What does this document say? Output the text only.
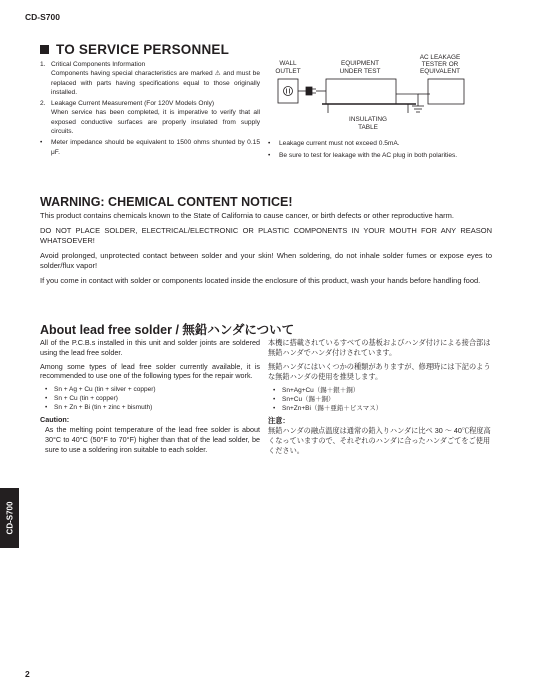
CD-S700
TO SERVICE PERSONNEL
1. Critical Components Information
Components having special characteristics are marked ⚠ and must be replaced with parts having specifications equal to those originally installed.
2. Leakage Current Measurement (For 120V Models Only)
When service has been completed, it is imperative to verify that all exposed conductive surfaces are properly insulated from supply circuits.
•	Meter impedance should be equivalent to 1500 ohms shunted by 0.15 μF.
WALL
OUTLET
EQUIPMENT
UNDER TEST
AC LEAKAGE
TESTER OR
EQUIVALENT
INSULATING
TABLE
•	Leakage current must not exceed 0.5mA.
•	Be sure to test for leakage with the AC plug in both polarities.
WARNING: CHEMICAL CONTENT NOTICE!

This product contains chemicals known to the State of California to cause cancer, or birth defects or other reproductive harm.

DO NOT PLACE SOLDER, ELECTRICAL/ELECTRONIC OR PLASTIC COMPONENTS IN YOUR MOUTH FOR ANY REASON WHATSOEVER!

Avoid prolonged, unprotected contact between solder and your skin! When soldering, do not inhale solder fumes or expose eyes to solder/flux vapor!

If you come in contact with solder or components located inside the enclosure of this product, wash your hands before handling food.

About lead free solder / 無鉛ハンダについて

All of the P.C.B.s installed in this unit and solder joints are soldered using the lead free solder.

Among some types of lead free solder currently available, it is recommended to use one of the following types for the repair work.

• Sn + Ag + Cu (tin + silver + copper)
• Sn + Cu (tin + copper)
• Sn + Zn + Bi (tin + zinc + bismuth)
Caution:
As the melting point temperature of the lead free solder is about 30°C to 40°C (50°F to 70°F) higher than that of the lead solder, be sure to use a soldering iron suitable to each solder.

本機に搭載されているすべての基板およびハンダ付けによる接合部は無鉛ハンダでハンダ付けされています。

無鉛ハンダにはいくつかの種類がありますが、修理時には下記のような無鉛ハンダの使用を推奨します。

• Sn+Ag+Cu（錫＋銀＋銅）
• Sn+Cu（錫＋銅）
• Sn+Zn+Bi（錫＋亜鉛＋ビスマス）
注意：
無鉛ハンダの融点温度は通常の鉛入りハンダに比べ 30 〜 40℃程度高くなっていますので、それぞれのハンダに合ったハンダごてをご使用ください。
CD-S700
2
